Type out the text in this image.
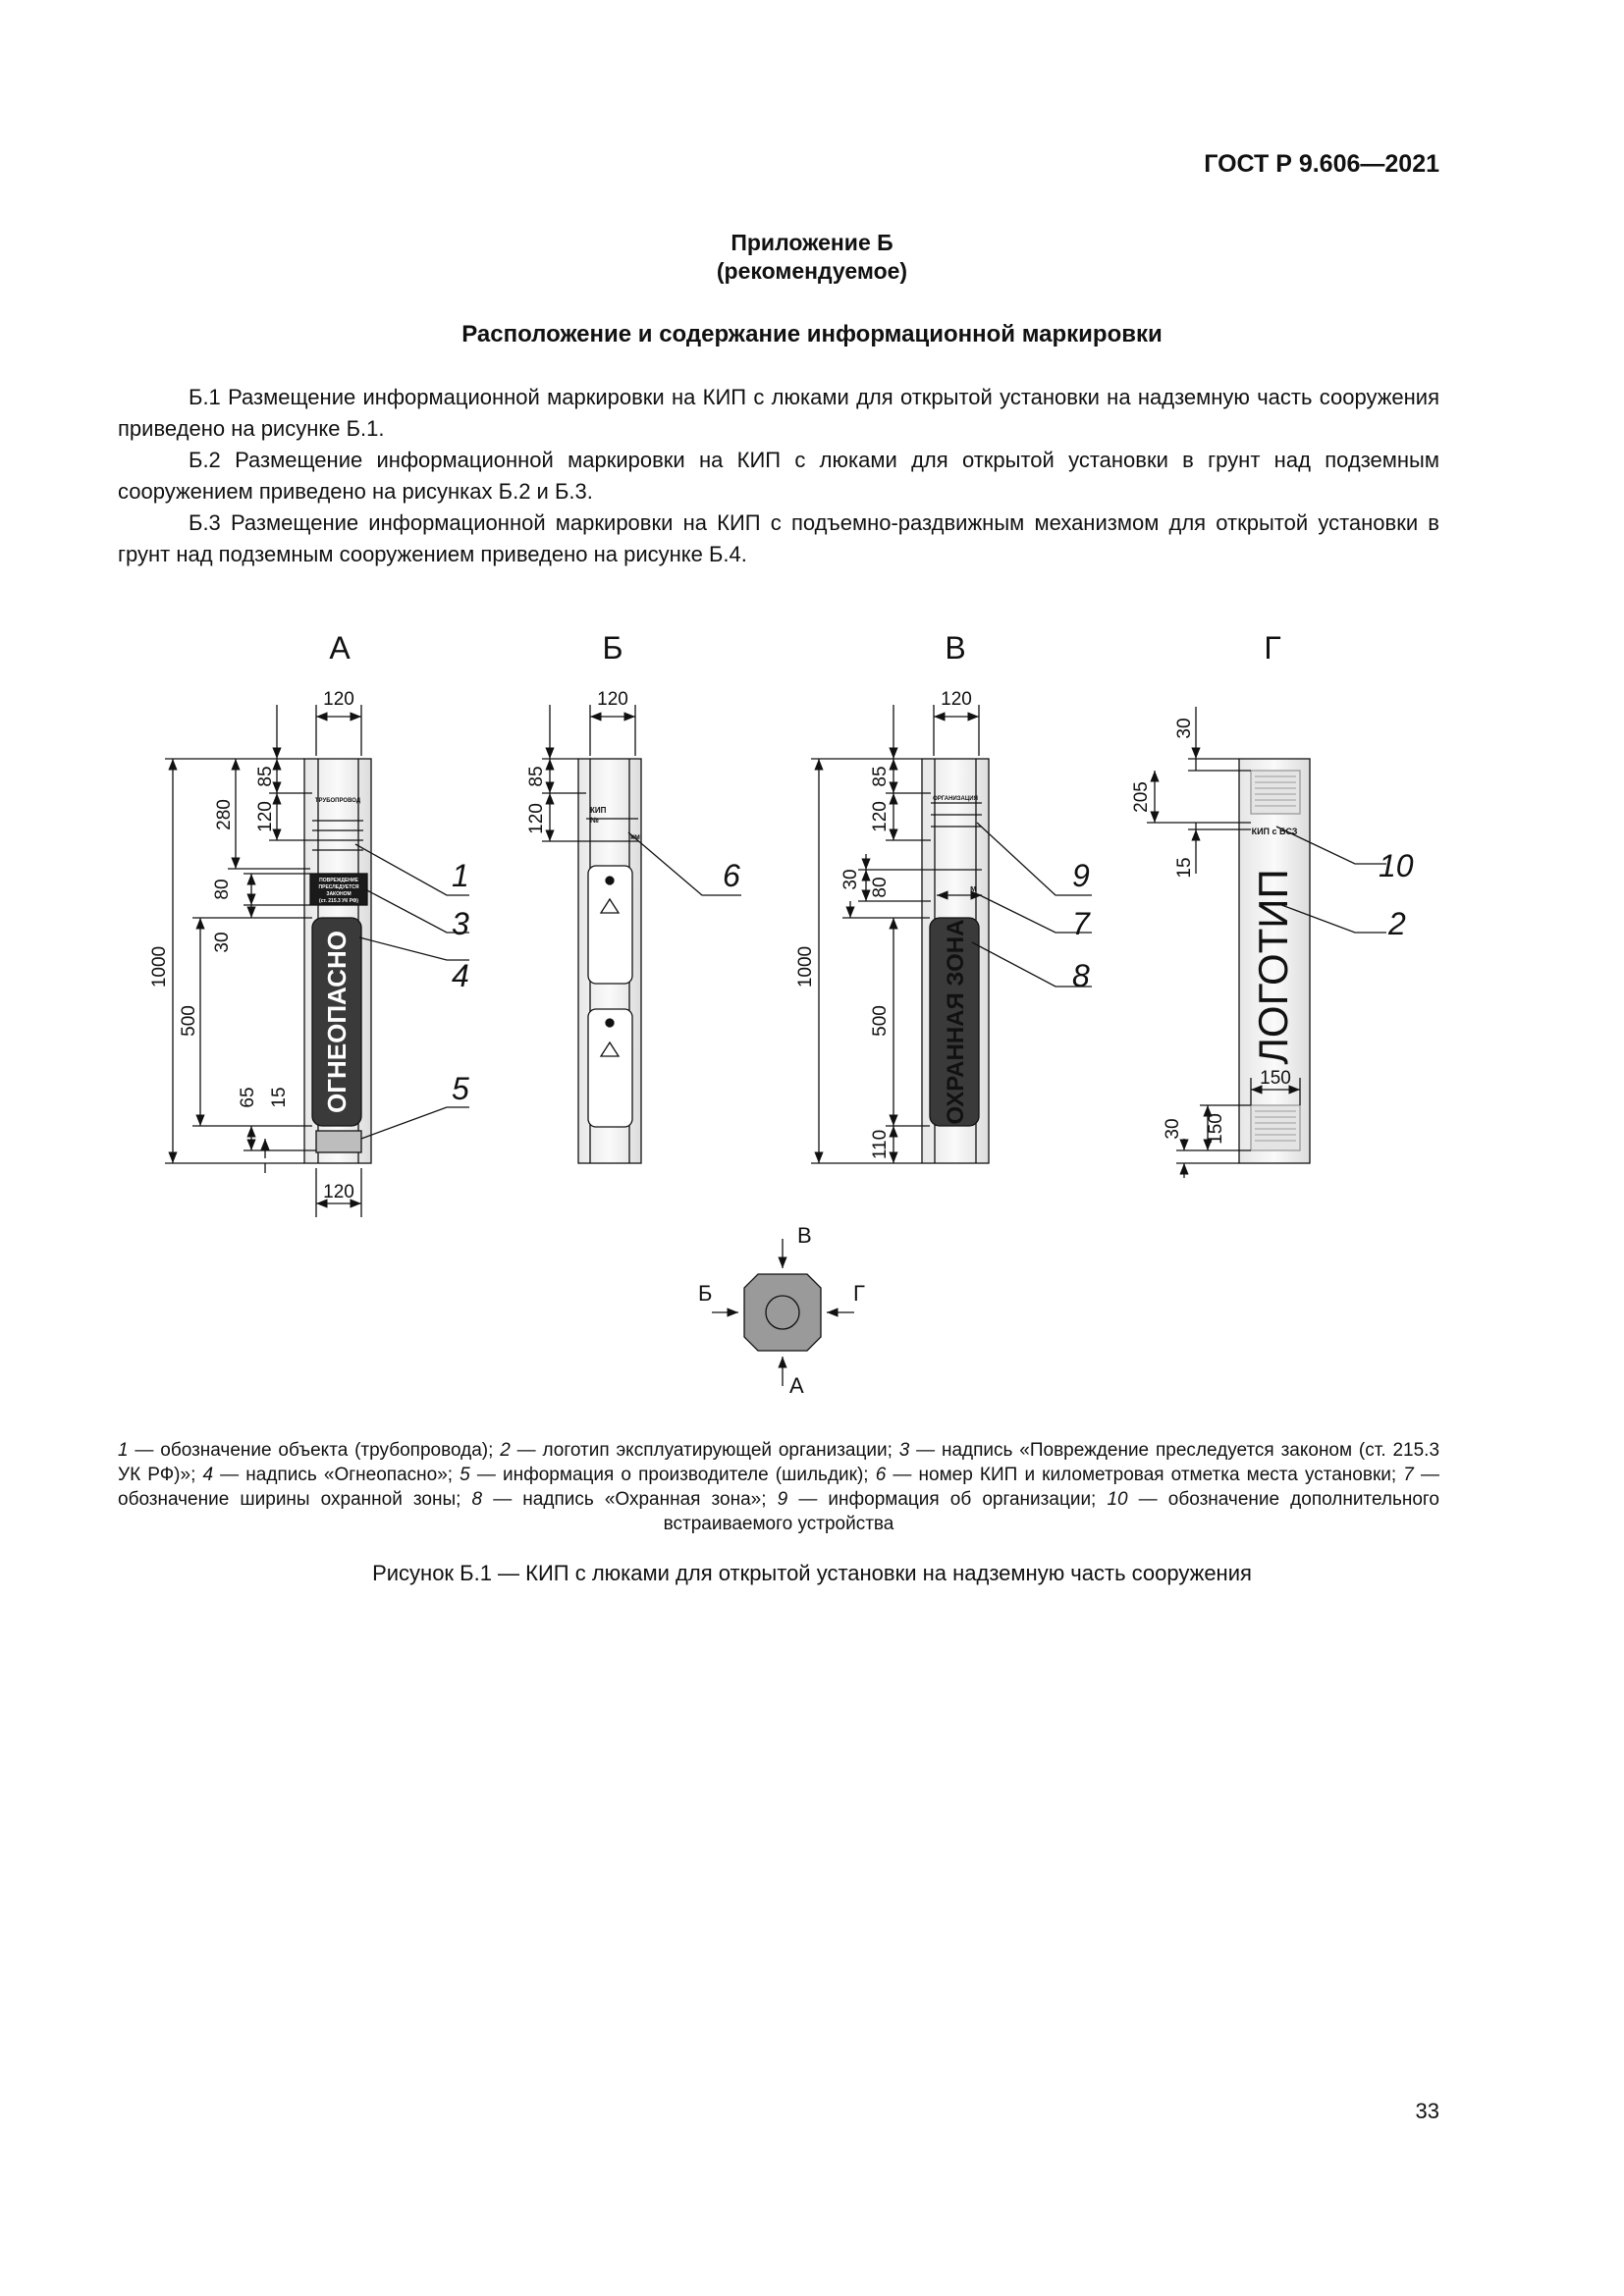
ГОСТ Р 9.606—2021
Приложение Б
(рекомендуемое)
Расположение и содержание информационной маркировки

Б.1 Размещение информационной маркировки на КИП с люками для открытой установки на надземную часть сооружения приведено на рисунке Б.1.

Б.2 Размещение информационной маркировки на КИП с люками для открытой установки в грунт над подземным сооружением приведено на рисунках Б.2 и Б.3.

Б.3 Размещение информационной маркировки на КИП с подъемно-раздвижным механизмом для открытой установки в грунт над подземным сооружением приведено на рисунке Б.4.

А	Б	В	Г
120
120
1000
280
85
120
80
30
500
65 15
120
85
120
120
1000
85
120
30 80
500
110
30
205
15
150
150
30
1
3
4
5
6	9
7
8
10
2
ТРУБОПРОВОД
ПОВРЕЖДЕНИЕ
ПРЕСЛЕДУЕТСЯ
ЗАКОНОМ
(ст. 215.3 УК РФ)
ОГНЕОПАСНО
КИП
№
км
ОРГАНИЗАЦИЯ
м
ОХРАННАЯ ЗОНА
КИП с БСЗ
ЛОГОТИП
В
А
Б	Г

1 — обозначение объекта (трубопровода); 2 — логотип эксплуатирующей организации; 3 — надпись «Повреждение преследуется законом (ст. 215.3 УК РФ)»; 4 — надпись «Огнеопасно»; 5 — информация о производителе (шильдик); 6 — номер КИП и километровая отметка места установки; 7 — обозначение ширины охранной зоны; 8 — надпись «Охранная зона»; 9 — информация об организации; 10 — обозначение дополнительного встраиваемого устройства

Рисунок Б.1 — КИП с люками для открытой установки на надземную часть сооружения
33
